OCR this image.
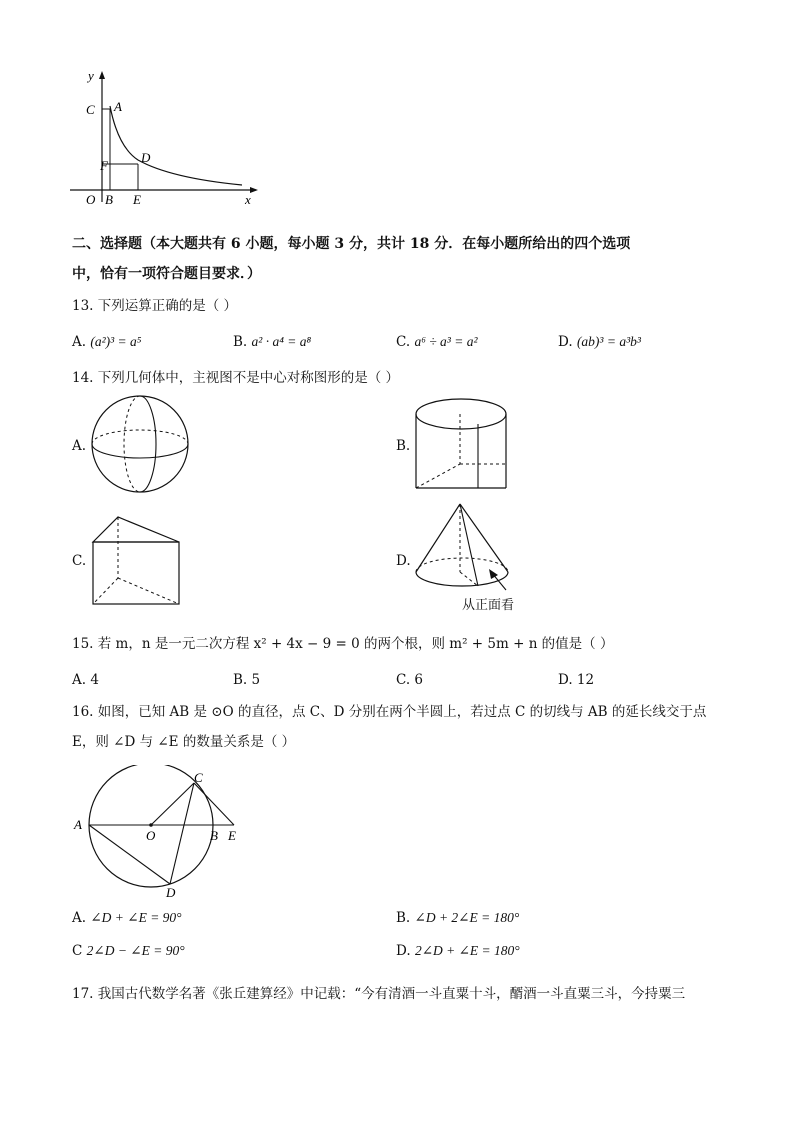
y
x
O B E
C A
F
D
二、选择题（本大题共有 6 小题，每小题 3 分，共计 18 分．在每小题所给出的四个选项
中，恰有一项符合题目要求．）
13. 下列运算正确的是（ ）
A. (a²)³ = a⁵	B. a² · a⁴ = a⁸	C. a⁶ ÷ a³ = a²	D. (ab)³ = a³b³
14. 下列几何体中，主视图不是中心对称图形的是（ ）
A.	B.
C.	D.
从正面看
15. 若 m，n 是一元二次方程 x² + 4x − 9 = 0 的两个根，则 m² + 5m + n 的值是（ ）
A. 4	B. 5	C. 6	D. 12
16. 如图，已知 AB 是 ⊙O 的直径，点 C、D 分别在两个半圆上，若过点 C 的切线与 AB 的延长线交于点
E，则 ∠D 与 ∠E 的数量关系是（ ）
A
O	B E
C
D
A. ∠D + ∠E = 90°	B. ∠D + 2∠E = 180°
C 2∠D − ∠E = 90°	D. 2∠D + ∠E = 180°
17. 我国古代数学名著《张丘建算经》中记载：“今有清酒一斗直粟十斗，醑酒一斗直粟三斗，今持粟三
